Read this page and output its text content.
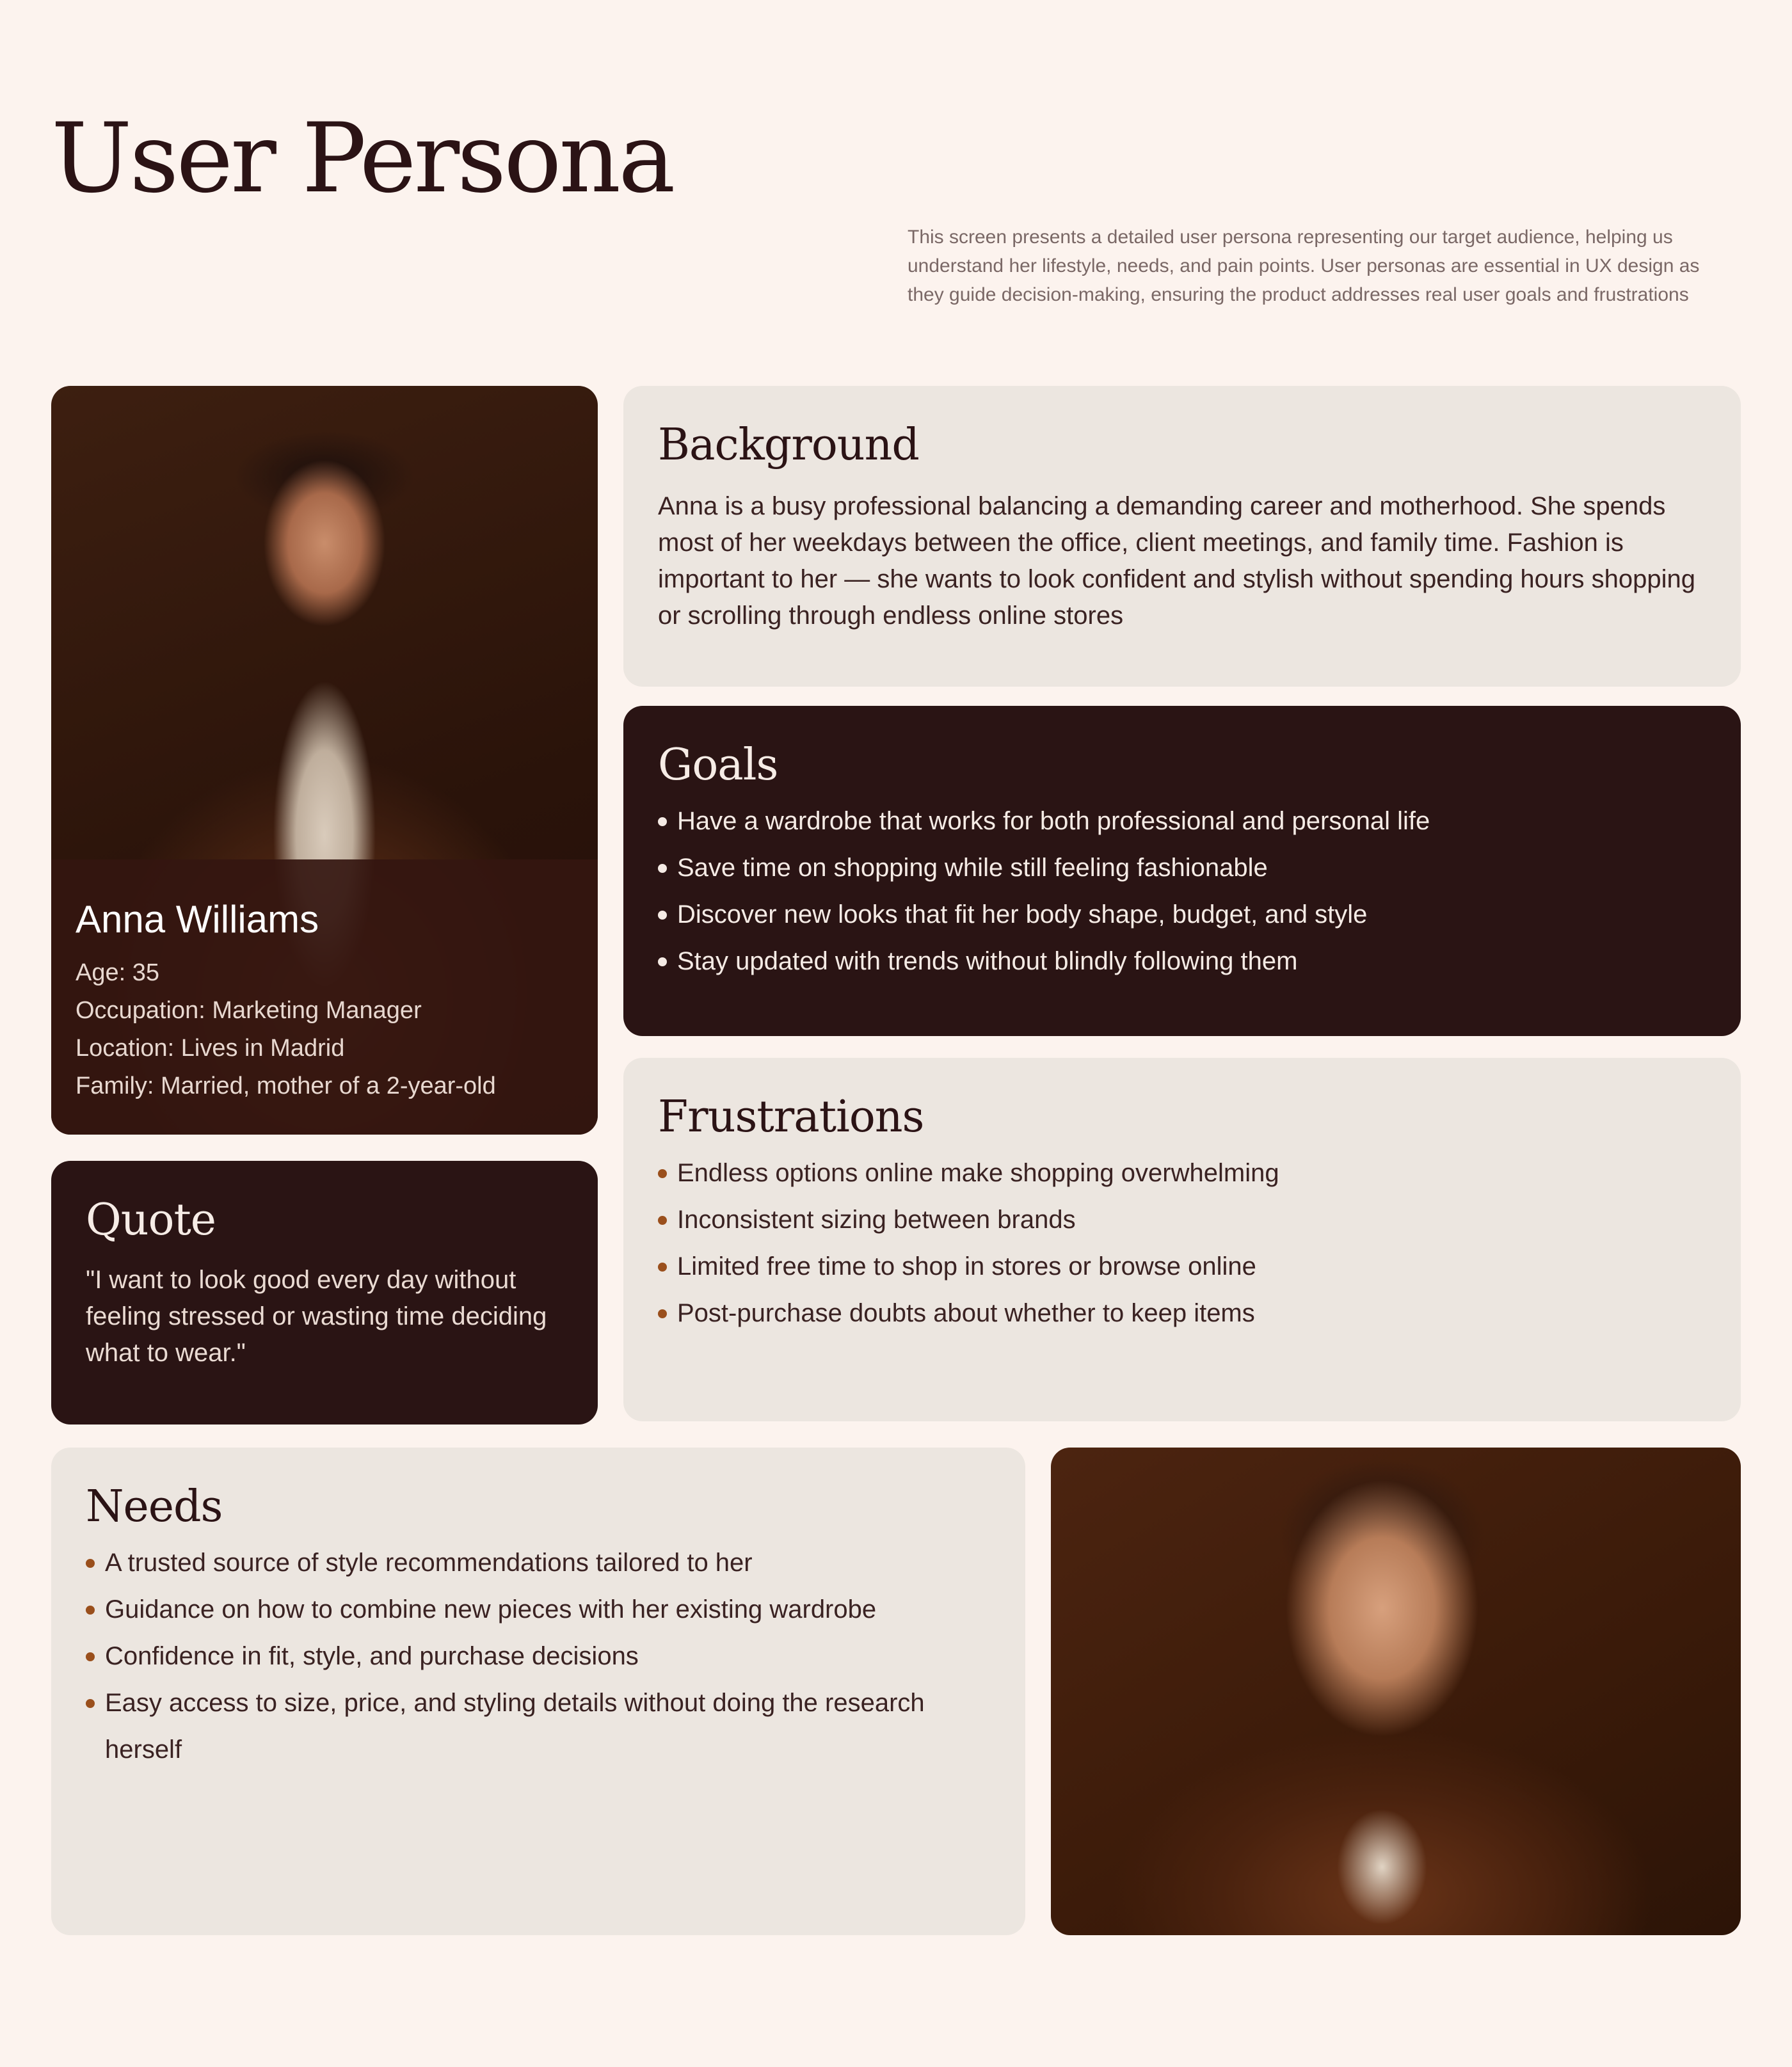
User Persona
This screen presents a detailed user persona representing our target audience, helping us understand her lifestyle, needs, and pain points. User personas are essential in UX design as they guide decision-making, ensuring the product addresses real user goals and frustrations
Anna Williams
Age: 35
Occupation: Marketing Manager
Location: Lives in Madrid
Family: Married, mother of a 2-year-old
Background

Anna is a busy professional balancing a demanding career and motherhood. She spends most of her weekdays between the office, client meetings, and family time. Fashion is important to her — she wants to look confident and stylish without spending hours shopping or scrolling through endless online stores

Goals
Have a wardrobe that works for both professional and personal life
Save time on shopping while still feeling fashionable
Discover new looks that fit her body shape, budget, and style
Stay updated with trends without blindly following them
Quote

"I want to look good every day without feeling stressed or wasting time deciding what to wear."

Frustrations
Endless options online make shopping overwhelming
Inconsistent sizing between brands
Limited free time to shop in stores or browse online
Post-purchase doubts about whether to keep items
Needs
A trusted source of style recommendations tailored to her
Guidance on how to combine new pieces with her existing wardrobe
Confidence in fit, style, and purchase decisions
Easy access to size, price, and styling details without doing the research herself
